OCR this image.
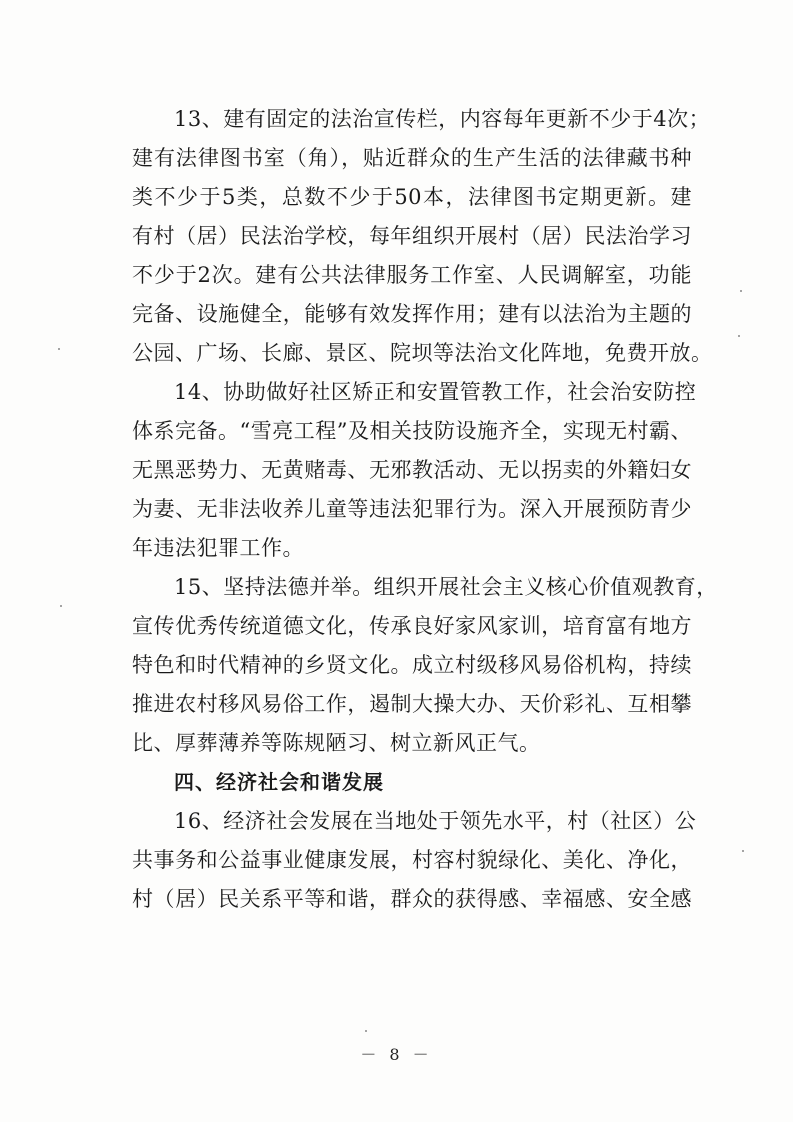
13、建有固定的法治宣传栏，内容每年更新不少于4次；
建有法律图书室（角），贴近群众的生产生活的法律藏书种
类不少于5类，总数不少于50本，法律图书定期更新。建
有村（居）民法治学校，每年组织开展村（居）民法治学习
不少于2次。建有公共法律服务工作室、人民调解室，功能
完备、设施健全，能够有效发挥作用；建有以法治为主题的
公园、广场、长廊、景区、院坝等法治文化阵地，免费开放。
14、协助做好社区矫正和安置管教工作，社会治安防控
体系完备。“雪亮工程”及相关技防设施齐全，实现无村霸、
无黑恶势力、无黄赌毒、无邪教活动、无以拐卖的外籍妇女
为妻、无非法收养儿童等违法犯罪行为。深入开展预防青少
年违法犯罪工作。
15、坚持法德并举。组织开展社会主义核心价值观教育，
宣传优秀传统道德文化，传承良好家风家训，培育富有地方
特色和时代精神的乡贤文化。成立村级移风易俗机构，持续
推进农村移风易俗工作，遏制大操大办、天价彩礼、互相攀
比、厚葬薄养等陈规陋习、树立新风正气。
四、经济社会和谐发展
16、经济社会发展在当地处于领先水平，村（社区）公
共事务和公益事业健康发展，村容村貌绿化、美化、净化，
村（居）民关系平等和谐，群众的获得感、幸福感、安全感
－ 8 －
